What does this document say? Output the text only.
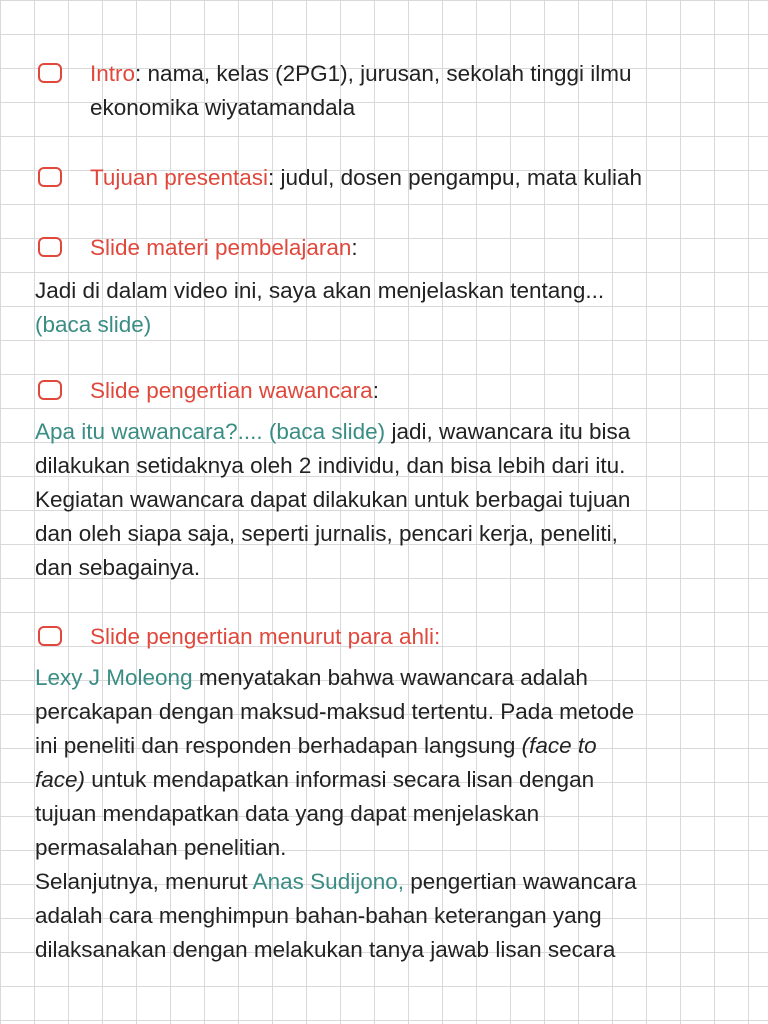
Intro: nama, kelas (2PG1), jurusan, sekolah tinggi ilmu
ekonomika wiyatamandala
Tujuan presentasi: judul, dosen pengampu, mata kuliah
Slide materi pembelajaran:
Jadi di dalam video ini, saya akan menjelaskan tentang...
(baca slide)
Slide pengertian wawancara:
Apa itu wawancara?.... (baca slide) jadi, wawancara itu bisa
dilakukan setidaknya oleh 2 individu, dan bisa lebih dari itu.
Kegiatan wawancara dapat dilakukan untuk berbagai tujuan
dan oleh siapa saja, seperti jurnalis, pencari kerja, peneliti,
dan sebagainya.
Slide pengertian menurut para ahli:
Lexy J Moleong menyatakan bahwa wawancara adalah
percakapan dengan maksud-maksud tertentu. Pada metode
ini peneliti dan responden berhadapan langsung (face to
face) untuk mendapatkan informasi secara lisan dengan
tujuan mendapatkan data yang dapat menjelaskan
permasalahan penelitian.
Selanjutnya, menurut Anas Sudijono, pengertian wawancara
adalah cara menghimpun bahan-bahan keterangan yang
dilaksanakan dengan melakukan tanya jawab lisan secara
